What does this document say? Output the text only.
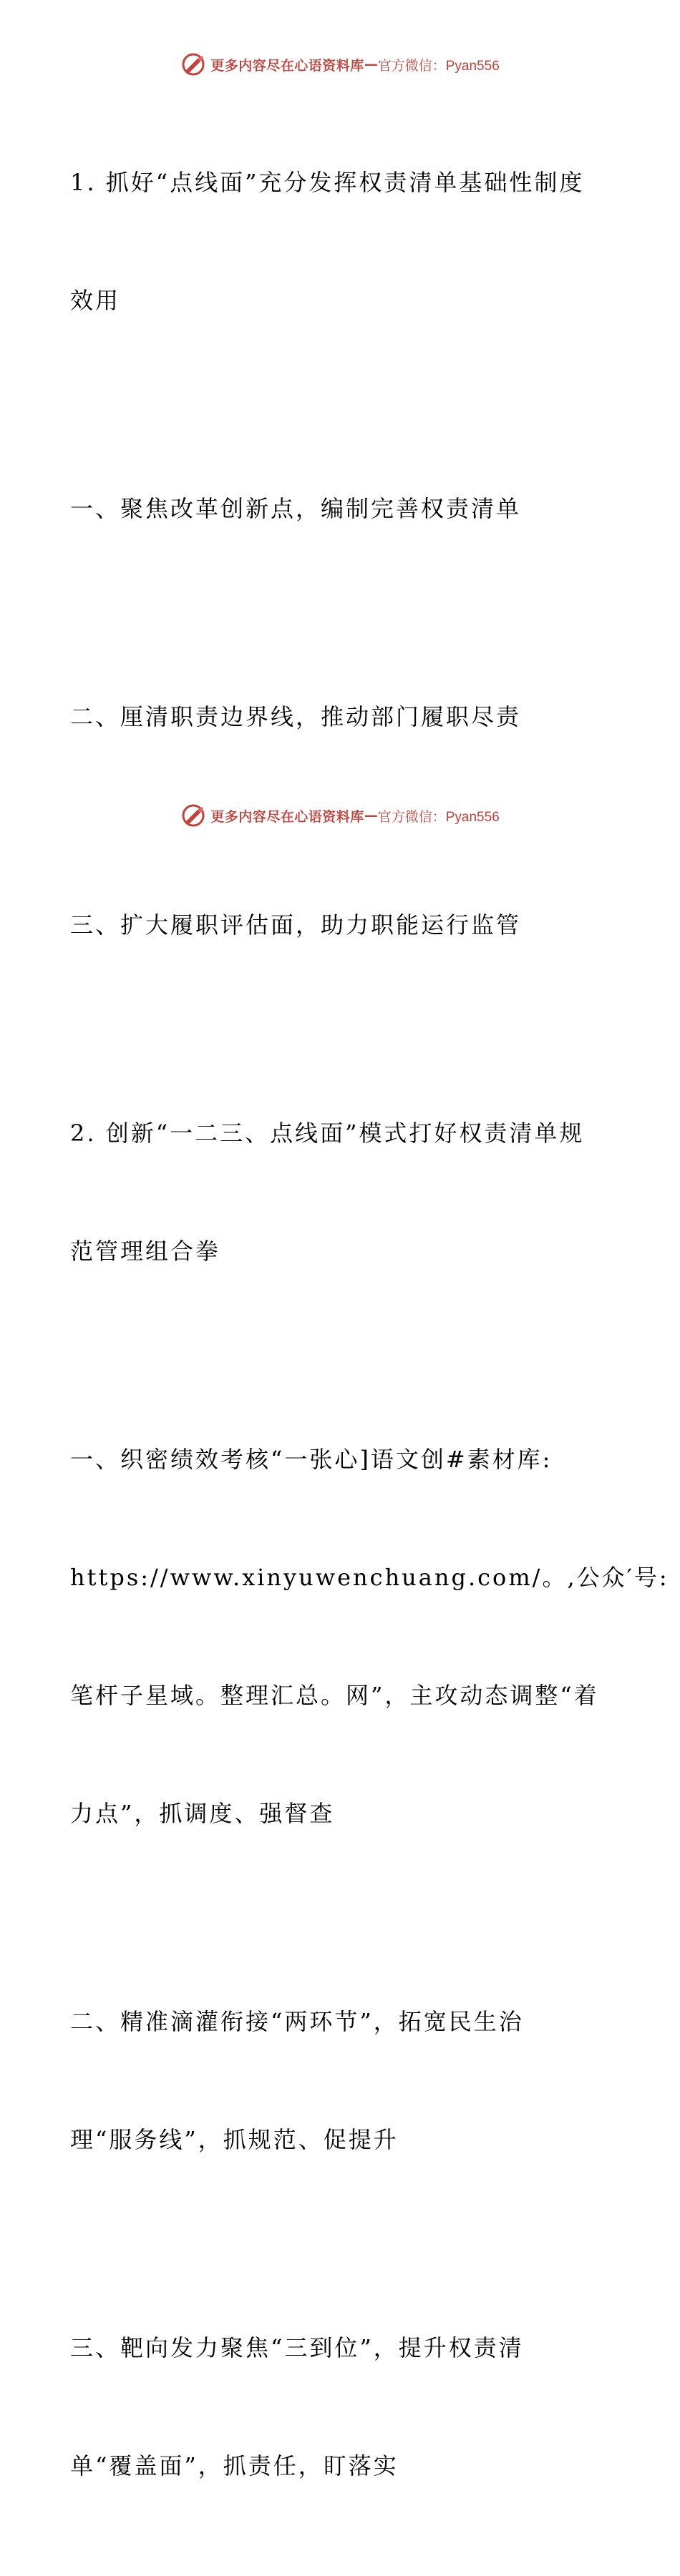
更多内容尽在心语资料库 — 官方微信：Pyan556

1. 抓好“点线面”充分发挥权责清单基础性制度

效用

一、聚焦改革创新点，编制完善权责清单

二、厘清职责边界线，推动部门履职尽责

三、扩大履职评估面，助力职能运行监管

2. 创新“一二三、点线面”模式打好权责清单规

范管理组合拳

一、织密绩效考核“一张心]语文创#素材库:

https://www.xinyuwenchuang.com/。,公众′号:

笔杆子星域。整理汇总。网”，主攻动态调整“着

力点”，抓调度、强督查

二、精准滴灌衔接“两环节”，拓宽民生治

理“服务线”，抓规范、促提升

三、靶向发力聚焦“三到位”，提升权责清

单“覆盖面”，抓责任，盯落实

更多内容尽在心语资料库 — 官方微信：Pyan556
